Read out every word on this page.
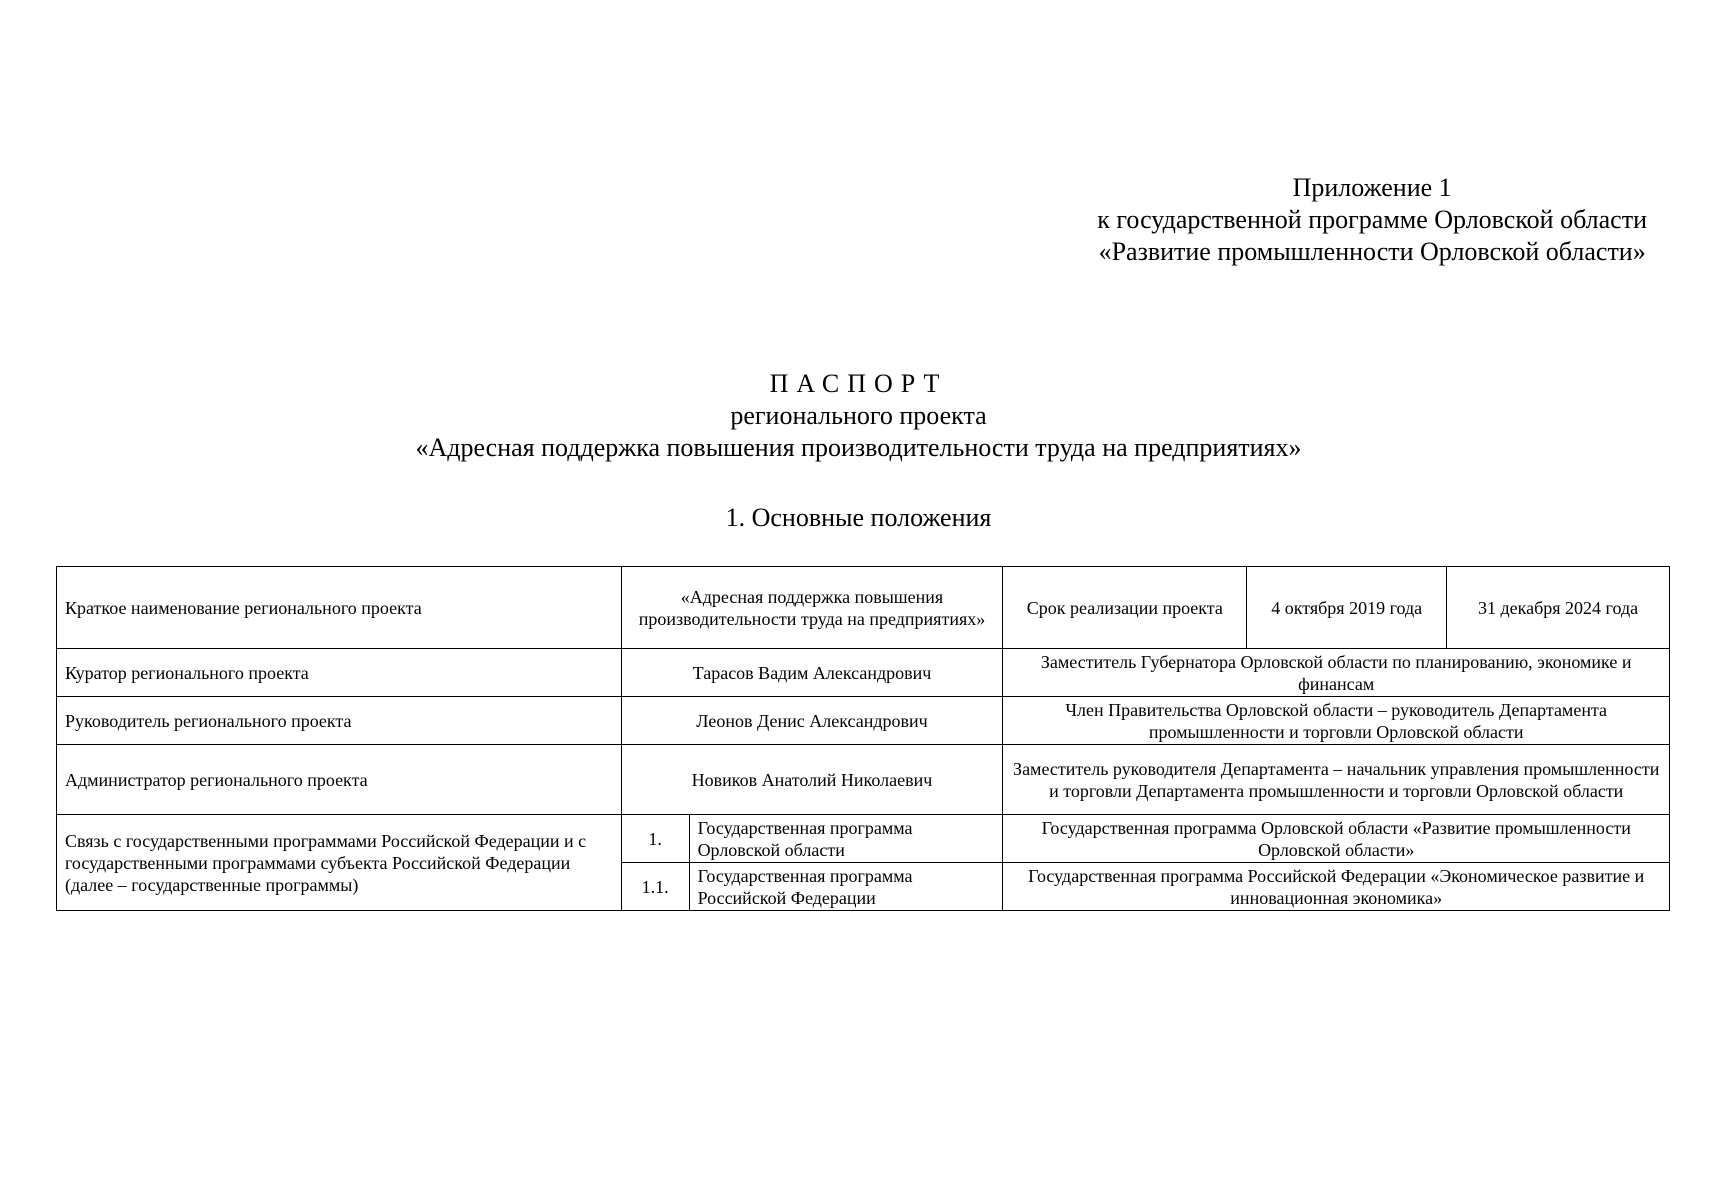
Приложение 1
к государственной программе Орловской области
«Развитие промышленности Орловской области»
ПАСПОРТ
регионального проекта
«Адресная поддержка повышения производительности труда на предприятиях»
1. Основные положения
Краткое наименование регионального проекта	«Адресная поддержка повышения производительности труда на предприятиях»		Срок реализации проекта	4 октября 2019 года	31 декабря 2024 года
Куратор регионального проекта	Тарасов Вадим Александрович		Заместитель Губернатора Орловской области по планированию, экономике и финансам		
Руководитель регионального проекта	Леонов Денис Александрович		Член Правительства Орловской области – руководитель Департамента промышленности и торговли Орловской области		
Администратор регионального проекта	Новиков Анатолий Николаевич		Заместитель руководителя Департамента – начальник управления промышленности и торговли Департамента промышленности и торговли Орловской области		
Связь с государственными программами Российской Федерации и с государственными программами субъекта Российской Федерации (далее – государственные программы)	1.	Государственная программа Орловской области	Государственная программа Орловской области «Развитие промышленности Орловской области»		
	1.1.	Государственная программа Российской Федерации	Государственная программа Российской Федерации «Экономическое развитие и инновационная экономика»		
